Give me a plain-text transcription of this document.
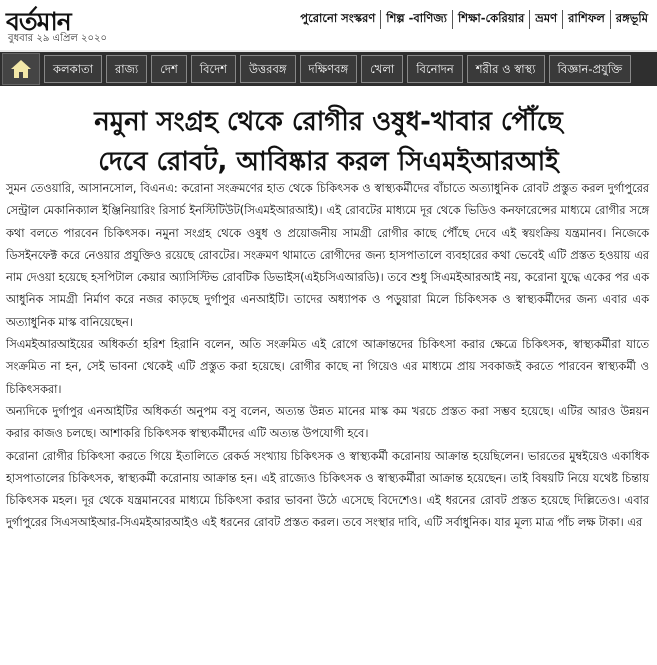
বর্তমান
বুধবার ২৯ এপ্রিল ২০২০
পুরোনো সংস্করণ শিল্প -বাণিজ্য শিক্ষা-কেরিয়ার ভ্রমণ রাশিফল রঙ্গভূমি
কলকাতা	রাজ্য	দেশ	বিদেশ	উত্তরবঙ্গ	দক্ষিণবঙ্গ	খেলা	বিনোদন	শরীর ও স্বাস্থ্য	বিজ্ঞান-প্রযুক্তি
নমুনা সংগ্রহ থেকে রোগীর ওষুধ-খাবার পৌঁছে
দেবে রোবট, আবিষ্কার করল সিএমইআরআই

সুমন তেওয়ারি, আসানসোল, বিএনএ: করোনা সংক্রমণের হাত থেকে চিকিৎসক ও স্বাস্থ্যকর্মীদের বাঁচাতে অত্যাধুনিক রোবট প্রস্তুত করল দুর্গাপুরের সেন্ট্রাল মেকানিক্যাল ইঞ্জিনিয়ারিং রিসার্চ ইনস্টিটিউট(সিএমইআরআই)। এই রোবটের মাধ্যমে দূর থেকে ভিডিও কনফারেন্সের মাধ্যমে রোগীর সঙ্গে কথা বলতে পারবেন চিকিৎসক। নমুনা সংগ্রহ থেকে ওষুধ ও প্রয়োজনীয় সামগ্রী রোগীর কাছে পৌঁছে দেবে এই স্বয়ংক্রিয় যন্ত্রমানব। নিজেকে ডিসইনফেক্ট করে নেওয়ার প্রযুক্তিও রয়েছে রোবটের। সংক্রমণ থামাতে রোগীদের জন্য হাসপাতালে ব্যবহারের কথা ভেবেই এটি প্রস্তত হওয়ায় এর নাম দেওয়া হয়েছে হসপিটাল কেয়ার অ্যাসিস্টিভ রোবটিক ডিভাইস(এইচসিএআরডি)। তবে শুধু সিএমইআরআই নয়, করোনা যুদ্ধে একের পর এক আধুনিক সামগ্রী নির্মাণ করে নজর কাড়ছে দুর্গাপুর এনআইটি। তাদের অধ্যাপক ও পড়ুয়ারা মিলে চিকিৎসক ও স্বাস্থ্যকর্মীদের জন্য এবার এক অত্যাধুনিক মাস্ক বানিয়েছেন।

সিএমইআরআইয়ের অধিকর্তা হরিশ হিরানি বলেন, অতি সংক্রমিত এই রোগে আক্রান্তদের চিকিৎসা করার ক্ষেত্রে চিকিৎসক, স্বাস্থ্যকর্মীরা যাতে সংক্রমিত না হন, সেই ভাবনা থেকেই এটি প্রস্তুত করা হয়েছে। রোগীর কাছে না গিয়েও এর মাধ্যমে প্রায় সবকাজই করতে পারবেন স্বাস্থ্যকর্মী ও চিকিৎসকরা।

অন্যদিকে দুর্গাপুর এনআইটির অধিকর্তা অনুপম বসু বলেন, অত্যন্ত উন্নত মানের মাস্ক কম খরচে প্রস্তত করা সম্ভব হয়েছে। এটির আরও উন্নয়ন করার কাজও চলছে। আশাকরি চিকিৎসক স্বাস্থ্যকর্মীদের এটি অত্যন্ত উপযোগী হবে।

করোনা রোগীর চিকিৎসা করতে গিয়ে ইতালিতে রেকর্ড সংখ্যায় চিকিৎসক ও স্বাস্থ্যকর্মী করোনায় আক্রান্ত হয়েছিলেন। ভারতের মুম্বইয়েও একাধিক হাসপাতালের চিকিৎসক, স্বাস্থ্যকর্মী করোনায় আক্রান্ত হন। এই রাজ্যেও চিকিৎসক ও স্বাস্থ্যকর্মীরা আক্রান্ত হয়েছেন। তাই বিষয়টি নিয়ে যথেষ্ট চিন্তায় চিকিৎসক মহল। দূর থেকে যন্ত্রমানবের মাধ্যমে চিকিৎসা করার ভাবনা উঠে এসেছে বিদেশেও। এই ধরনের রোবট প্রস্তত হয়েছে দিল্লিতেও। এবার দুর্গাপুরের সিএসআইআর-সিএমইআরআইও এই ধরনের রোবট প্রস্তত করল। তবে সংস্থার দাবি, এটি সর্বাধুনিক। যার মূল্য মাত্র পাঁচ লক্ষ টাকা। এর
